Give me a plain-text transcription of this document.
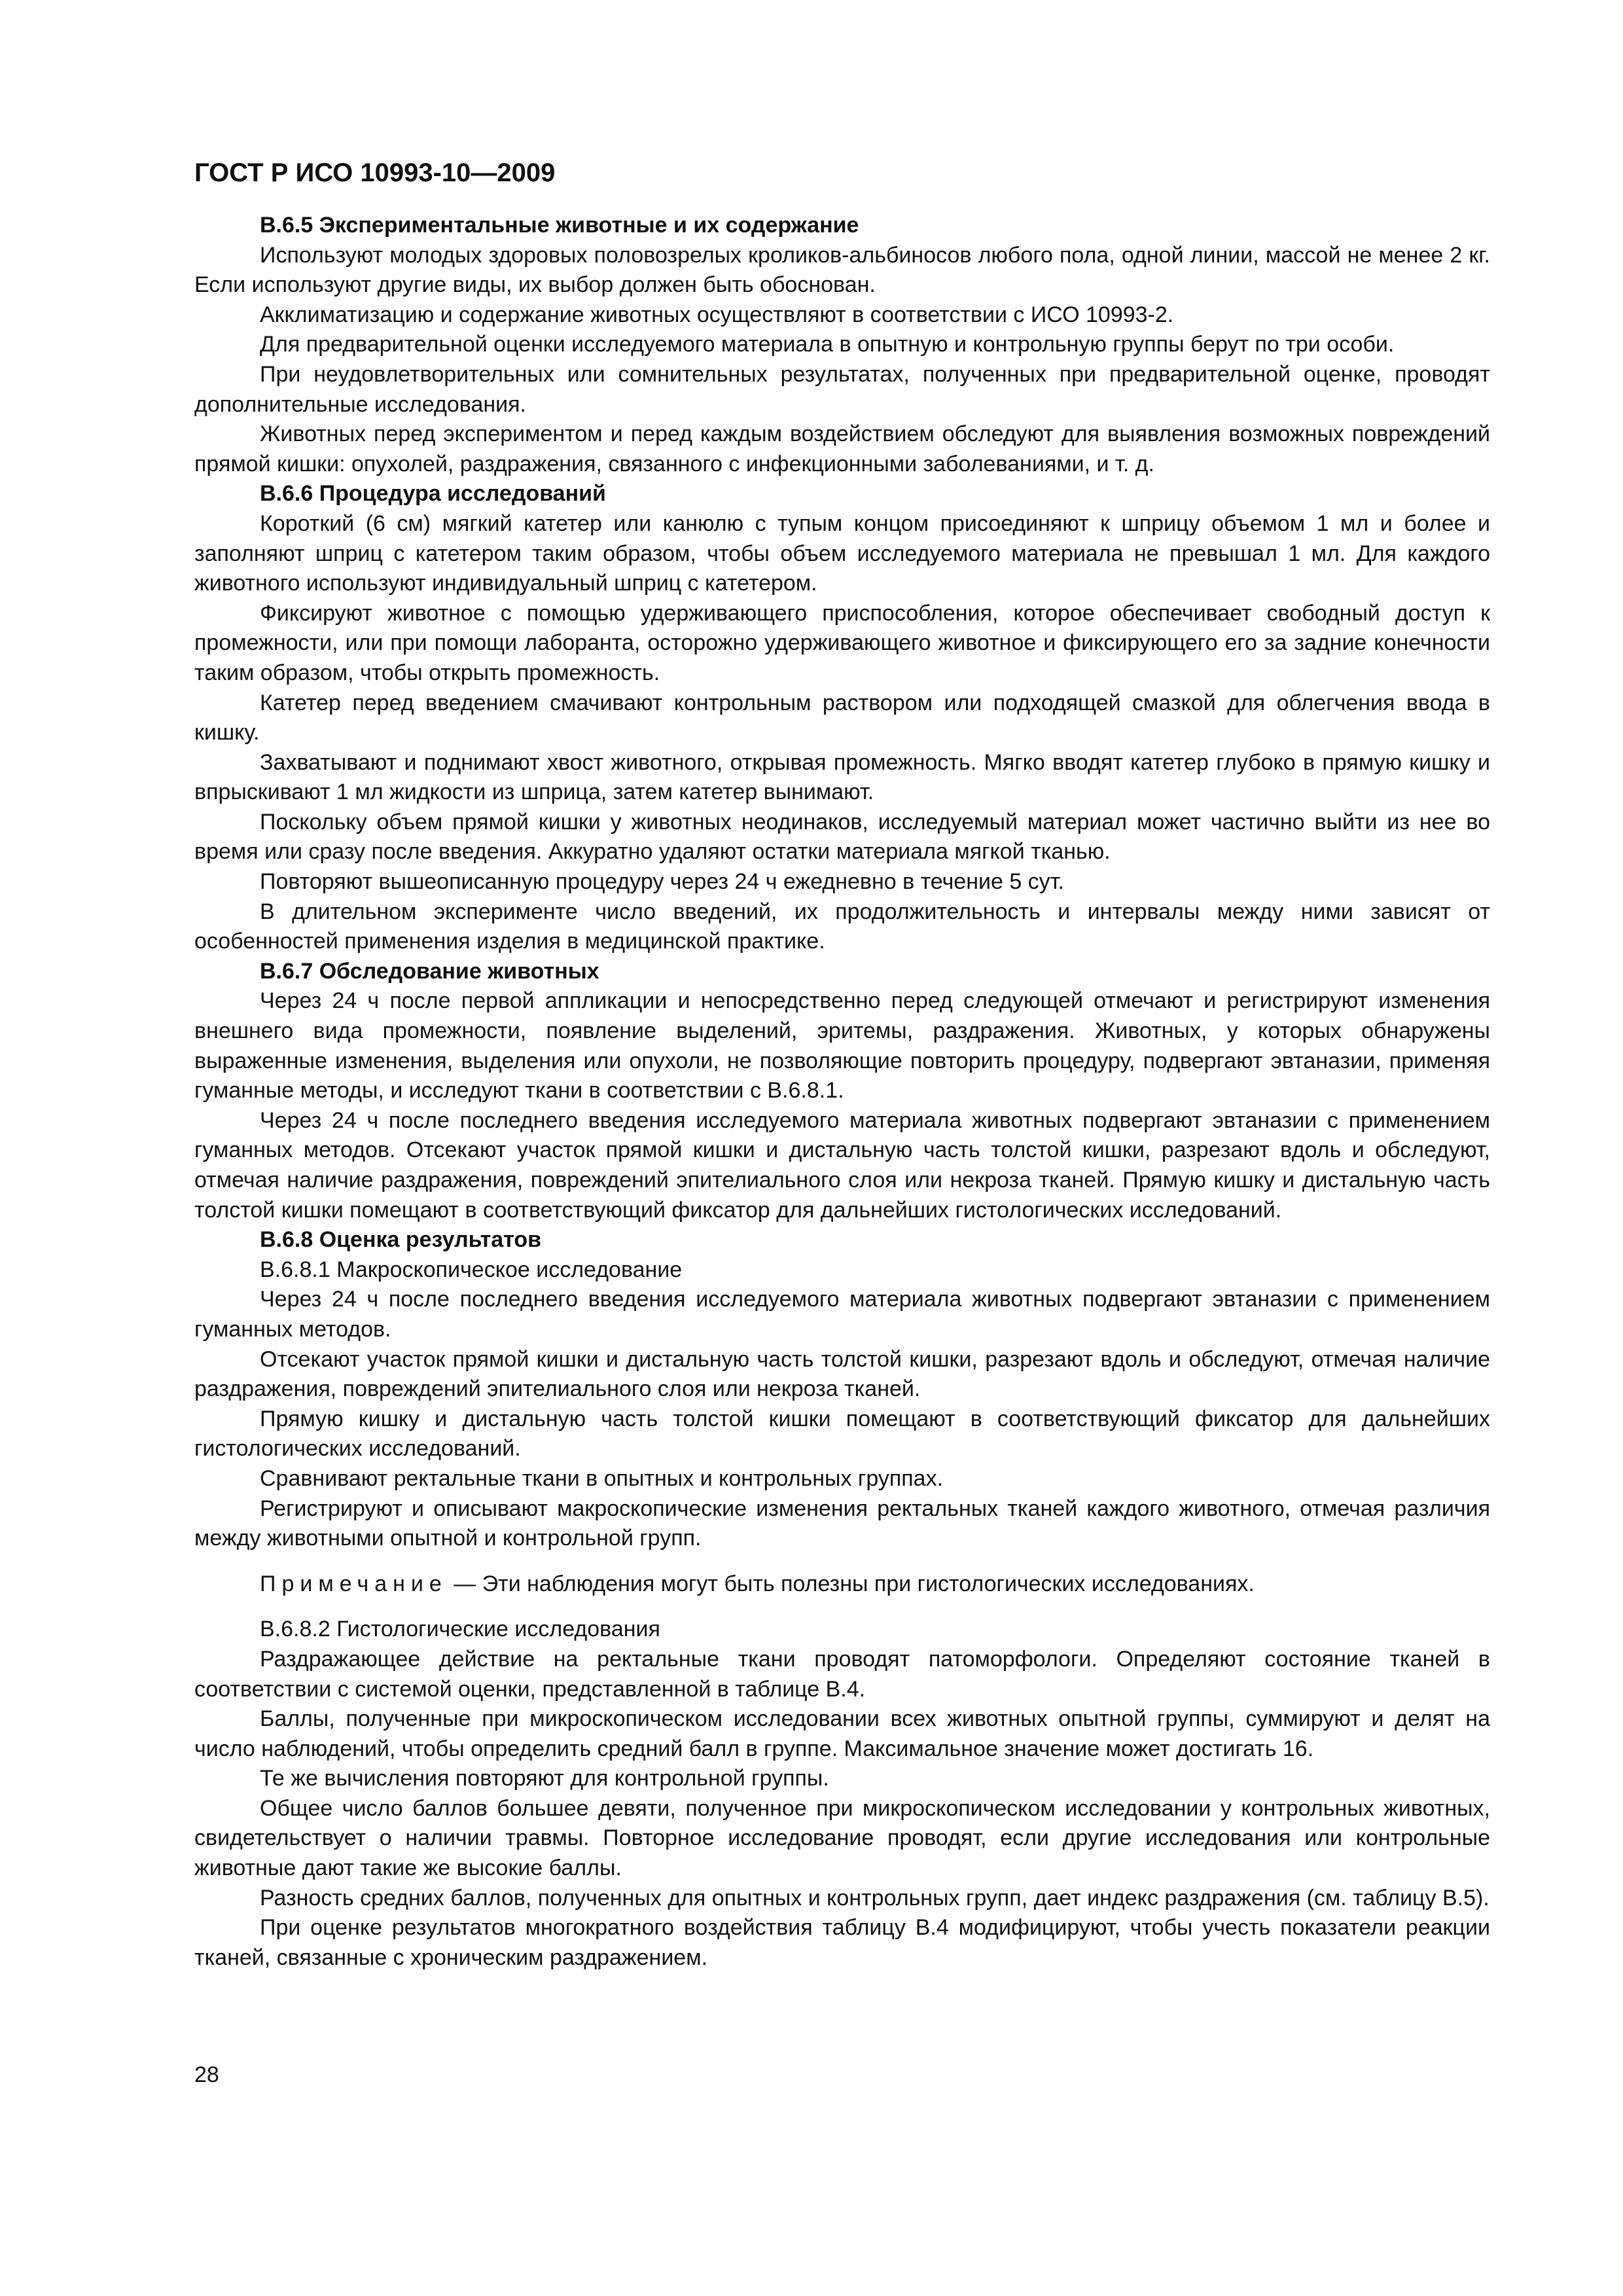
ГОСТ Р ИСО 10993-10—2009
B.6.5 Экспериментальные животные и их содержание

Используют молодых здоровых половозрелых кроликов-альбиносов любого пола, одной линии, массой не менее 2 кг. Если используют другие виды, их выбор должен быть обоснован.

Акклиматизацию и содержание животных осуществляют в соответствии с ИСО 10993-2.

Для предварительной оценки исследуемого материала в опытную и контрольную группы берут по три особи.

При неудовлетворительных или сомнительных результатах, полученных при предварительной оценке, проводят дополнительные исследования.

Животных перед экспериментом и перед каждым воздействием обследуют для выявления возможных повреждений прямой кишки: опухолей, раздражения, связанного с инфекционными заболеваниями, и т. д.

B.6.6 Процедура исследований

Короткий (6 см) мягкий катетер или канюлю с тупым концом присоединяют к шприцу объемом 1 мл и более и заполняют шприц с катетером таким образом, чтобы объем исследуемого материала не превышал 1 мл. Для каждого животного используют индивидуальный шприц с катетером.

Фиксируют животное с помощью удерживающего приспособления, которое обеспечивает свободный доступ к промежности, или при помощи лаборанта, осторожно удерживающего животное и фиксирующего его за задние конечности таким образом, чтобы открыть промежность.

Катетер перед введением смачивают контрольным раствором или подходящей смазкой для облегчения ввода в кишку.

Захватывают и поднимают хвост животного, открывая промежность. Мягко вводят катетер глубоко в прямую кишку и впрыскивают 1 мл жидкости из шприца, затем катетер вынимают.

Поскольку объем прямой кишки у животных неодинаков, исследуемый материал может частично выйти из нее во время или сразу после введения. Аккуратно удаляют остатки материала мягкой тканью.

Повторяют вышеописанную процедуру через 24 ч ежедневно в течение 5 сут.

В длительном эксперименте число введений, их продолжительность и интервалы между ними зависят от особенностей применения изделия в медицинской практике.

B.6.7 Обследование животных

Через 24 ч после первой аппликации и непосредственно перед следующей отмечают и регистрируют изменения внешнего вида промежности, появление выделений, эритемы, раздражения. Животных, у которых обнаружены выраженные изменения, выделения или опухоли, не позволяющие повторить процедуру, подвергают эвтаназии, применяя гуманные методы, и исследуют ткани в соответствии с B.6.8.1.

Через 24 ч после последнего введения исследуемого материала животных подвергают эвтаназии с применением гуманных методов. Отсекают участок прямой кишки и дистальную часть толстой кишки, разрезают вдоль и обследуют, отмечая наличие раздражения, повреждений эпителиального слоя или некроза тканей. Прямую кишку и дистальную часть толстой кишки помещают в соответствующий фиксатор для дальнейших гистологических исследований.

B.6.8 Оценка результатов
B.6.8.1 Макроскопическое исследование

Через 24 ч после последнего введения исследуемого материала животных подвергают эвтаназии с применением гуманных методов.

Отсекают участок прямой кишки и дистальную часть толстой кишки, разрезают вдоль и обследуют, отмечая наличие раздражения, повреждений эпителиального слоя или некроза тканей.

Прямую кишку и дистальную часть толстой кишки помещают в соответствующий фиксатор для дальнейших гистологических исследований.

Сравнивают ректальные ткани в опытных и контрольных группах.

Регистрируют и описывают макроскопические изменения ректальных тканей каждого животного, отмечая различия между животными опытной и контрольной групп.

Примечание — Эти наблюдения могут быть полезны при гистологических исследованиях.

B.6.8.2 Гистологические исследования

Раздражающее действие на ректальные ткани проводят патоморфологи. Определяют состояние тканей в соответствии с системой оценки, представленной в таблице B.4.

Баллы, полученные при микроскопическом исследовании всех животных опытной группы, суммируют и делят на число наблюдений, чтобы определить средний балл в группе. Максимальное значение может достигать 16.

Те же вычисления повторяют для контрольной группы.

Общее число баллов большее девяти, полученное при микроскопическом исследовании у контрольных животных, свидетельствует о наличии травмы. Повторное исследование проводят, если другие исследования или контрольные животные дают такие же высокие баллы.

Разность средних баллов, полученных для опытных и контрольных групп, дает индекс раздражения (см. таблицу B.5).

При оценке результатов многократного воздействия таблицу B.4 модифицируют, чтобы учесть показатели реакции тканей, связанные с хроническим раздражением.

28
